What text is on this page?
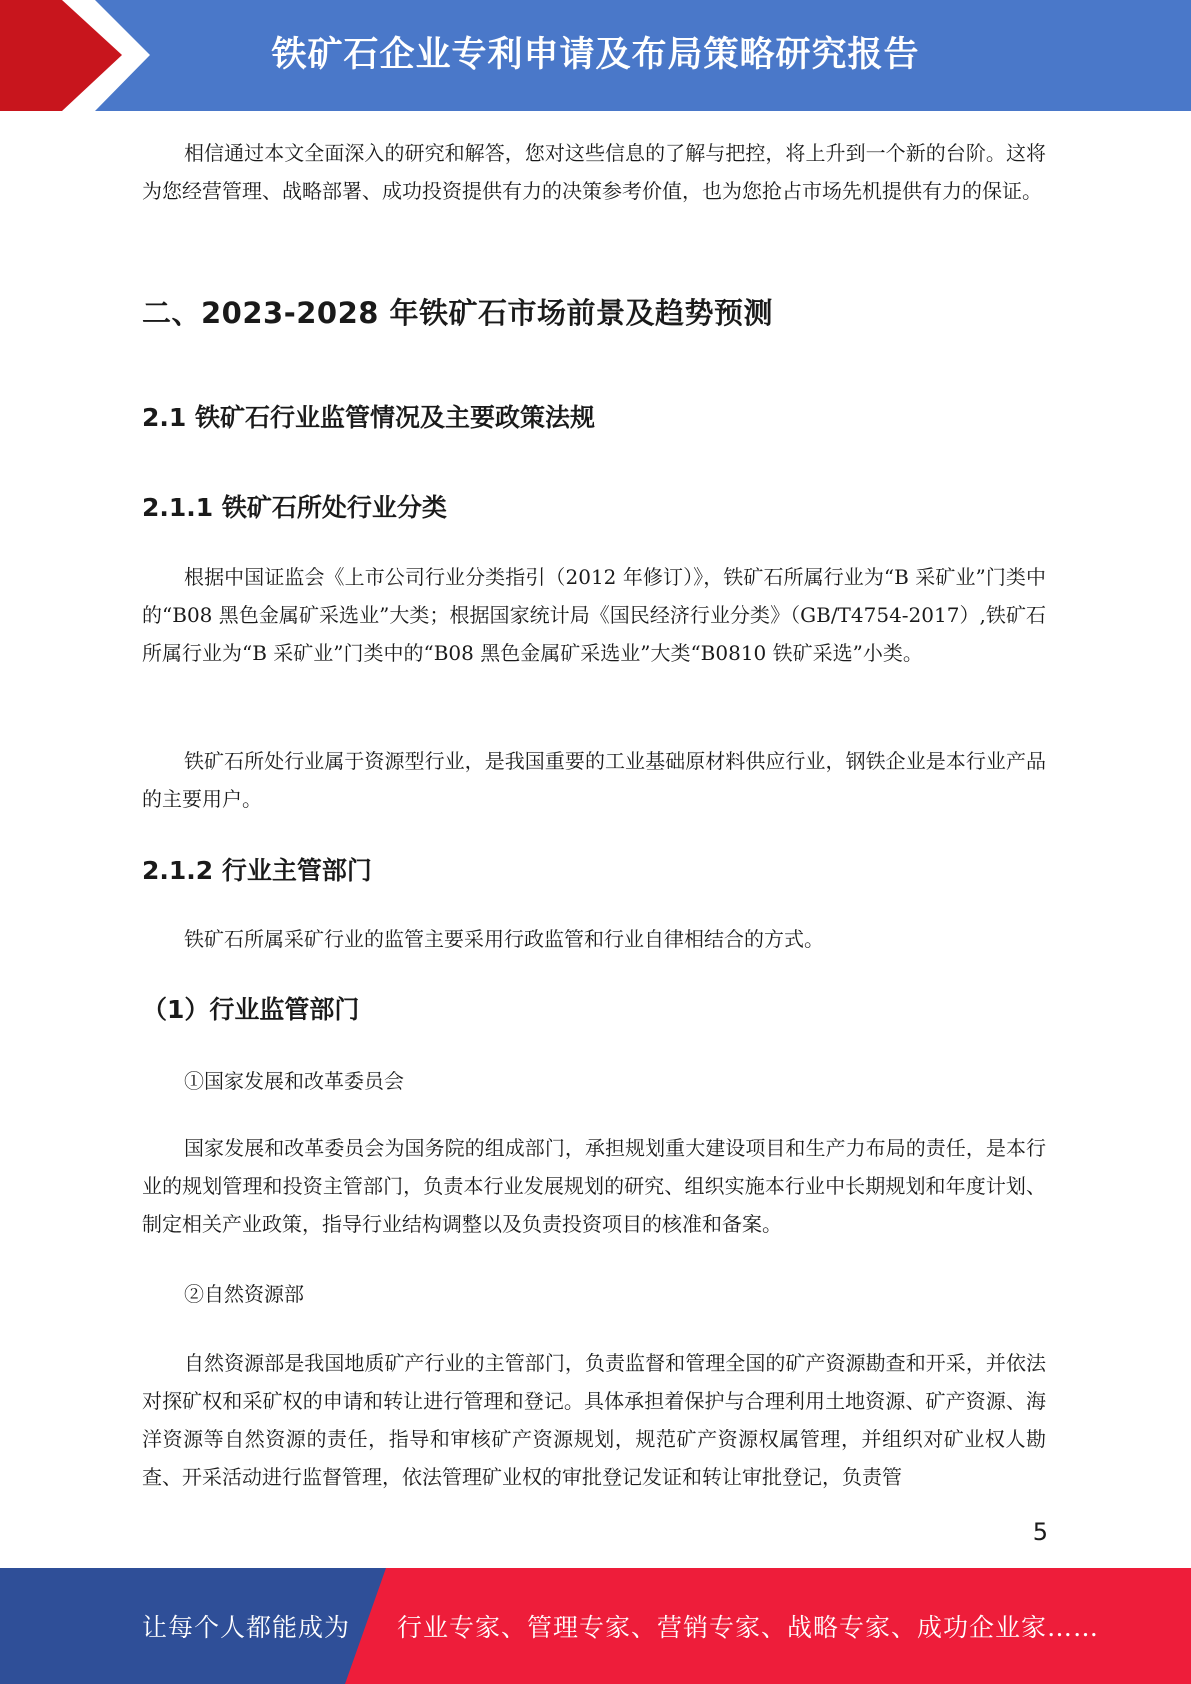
铁矿石企业专利申请及布局策略研究报告

相信通过本文全面深入的研究和解答，您对这些信息的了解与把控，将上升到一个新的台阶。这将为您经营管理、战略部署、成功投资提供有力的决策参考价值，也为您抢占市场先机提供有力的保证。

二、2023-2028 年铁矿石市场前景及趋势预测
2.1 铁矿石行业监管情况及主要政策法规
2.1.1 铁矿石所处行业分类

根据中国证监会《上市公司行业分类指引（2012 年修订）》，铁矿石所属行业为“B 采矿业”门类中的“B08 黑色金属矿采选业”大类；根据国家统计局《国民经济行业分类》（GB/T4754-2017）,铁矿石所属行业为“B 采矿业”门类中的“B08 黑色金属矿采选业”大类“B0810 铁矿采选”小类。

铁矿石所处行业属于资源型行业，是我国重要的工业基础原材料供应行业，钢铁企业是本行业产品的主要用户。

2.1.2 行业主管部门

铁矿石所属采矿行业的监管主要采用行政监管和行业自律相结合的方式。

（1）行业监管部门

①国家发展和改革委员会

国家发展和改革委员会为国务院的组成部门，承担规划重大建设项目和生产力布局的责任，是本行业的规划管理和投资主管部门，负责本行业发展规划的研究、组织实施本行业中长期规划和年度计划、制定相关产业政策，指导行业结构调整以及负责投资项目的核准和备案。

②自然资源部

自然资源部是我国地质矿产行业的主管部门，负责监督和管理全国的矿产资源勘查和开采，并依法对探矿权和采矿权的申请和转让进行管理和登记。具体承担着保护与合理利用土地资源、矿产资源、海洋资源等自然资源的责任，指导和审核矿产资源规划，规范矿产资源权属管理，并组织对矿业权人勘查、开采活动进行监督管理，依法管理矿业权的审批登记发证和转让审批登记，负责管

5
让每个人都能成为 行业专家、管理专家、营销专家、战略专家、成功企业家……
